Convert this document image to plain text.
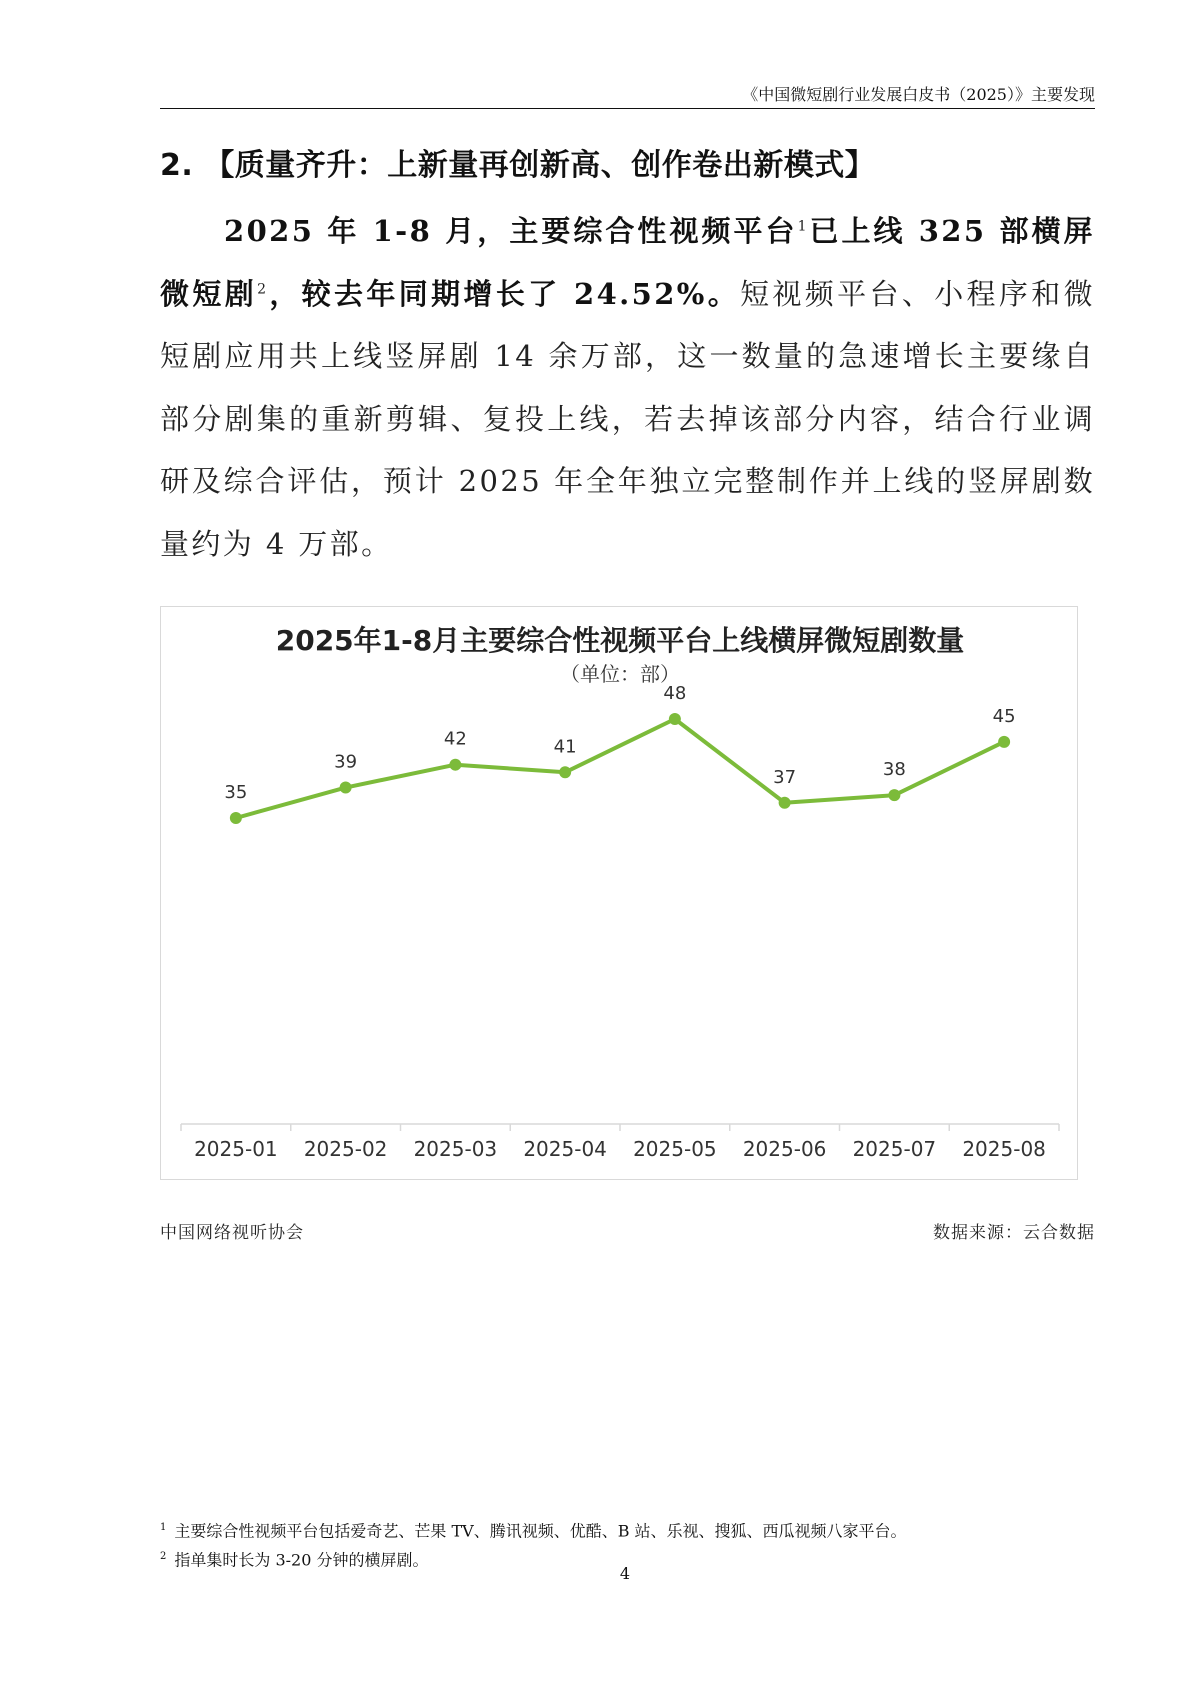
《中国微短剧行业发展白皮书（2025）》主要发现
2. 【质量齐升：上新量再创新高、创作卷出新模式】

2025 年 1-8 月，主要综合性视频平台$^1$已上线 325 部横屏微短剧$^2$，较去年同期增长了 24.52%。短视频平台、小程序和微短剧应用共上线竖屏剧 14 余万部，这一数量的急速增长主要缘自部分剧集的重新剪辑、复投上线，若去掉该部分内容，结合行业调研及综合评估，预计 2025 年全年独立完整制作并上线的竖屏剧数量约为 4 万部。

2025年1-8月主要综合性视频平台上线横屏微短剧数量
（单位：部）
35
39
42	41
48
37	38
45
2025-01 2025-02 2025-03 2025-04 2025-05 2025-06 2025-07 2025-08
中国网络视听协会	数据来源：云合数据
$^1$ 主要综合性视频平台包括爱奇艺、芒果 TV、腾讯视频、优酷、B 站、乐视、搜狐、西瓜视频八家平台。
$^2$ 指单集时长为 3-20 分钟的横屏剧。
4
